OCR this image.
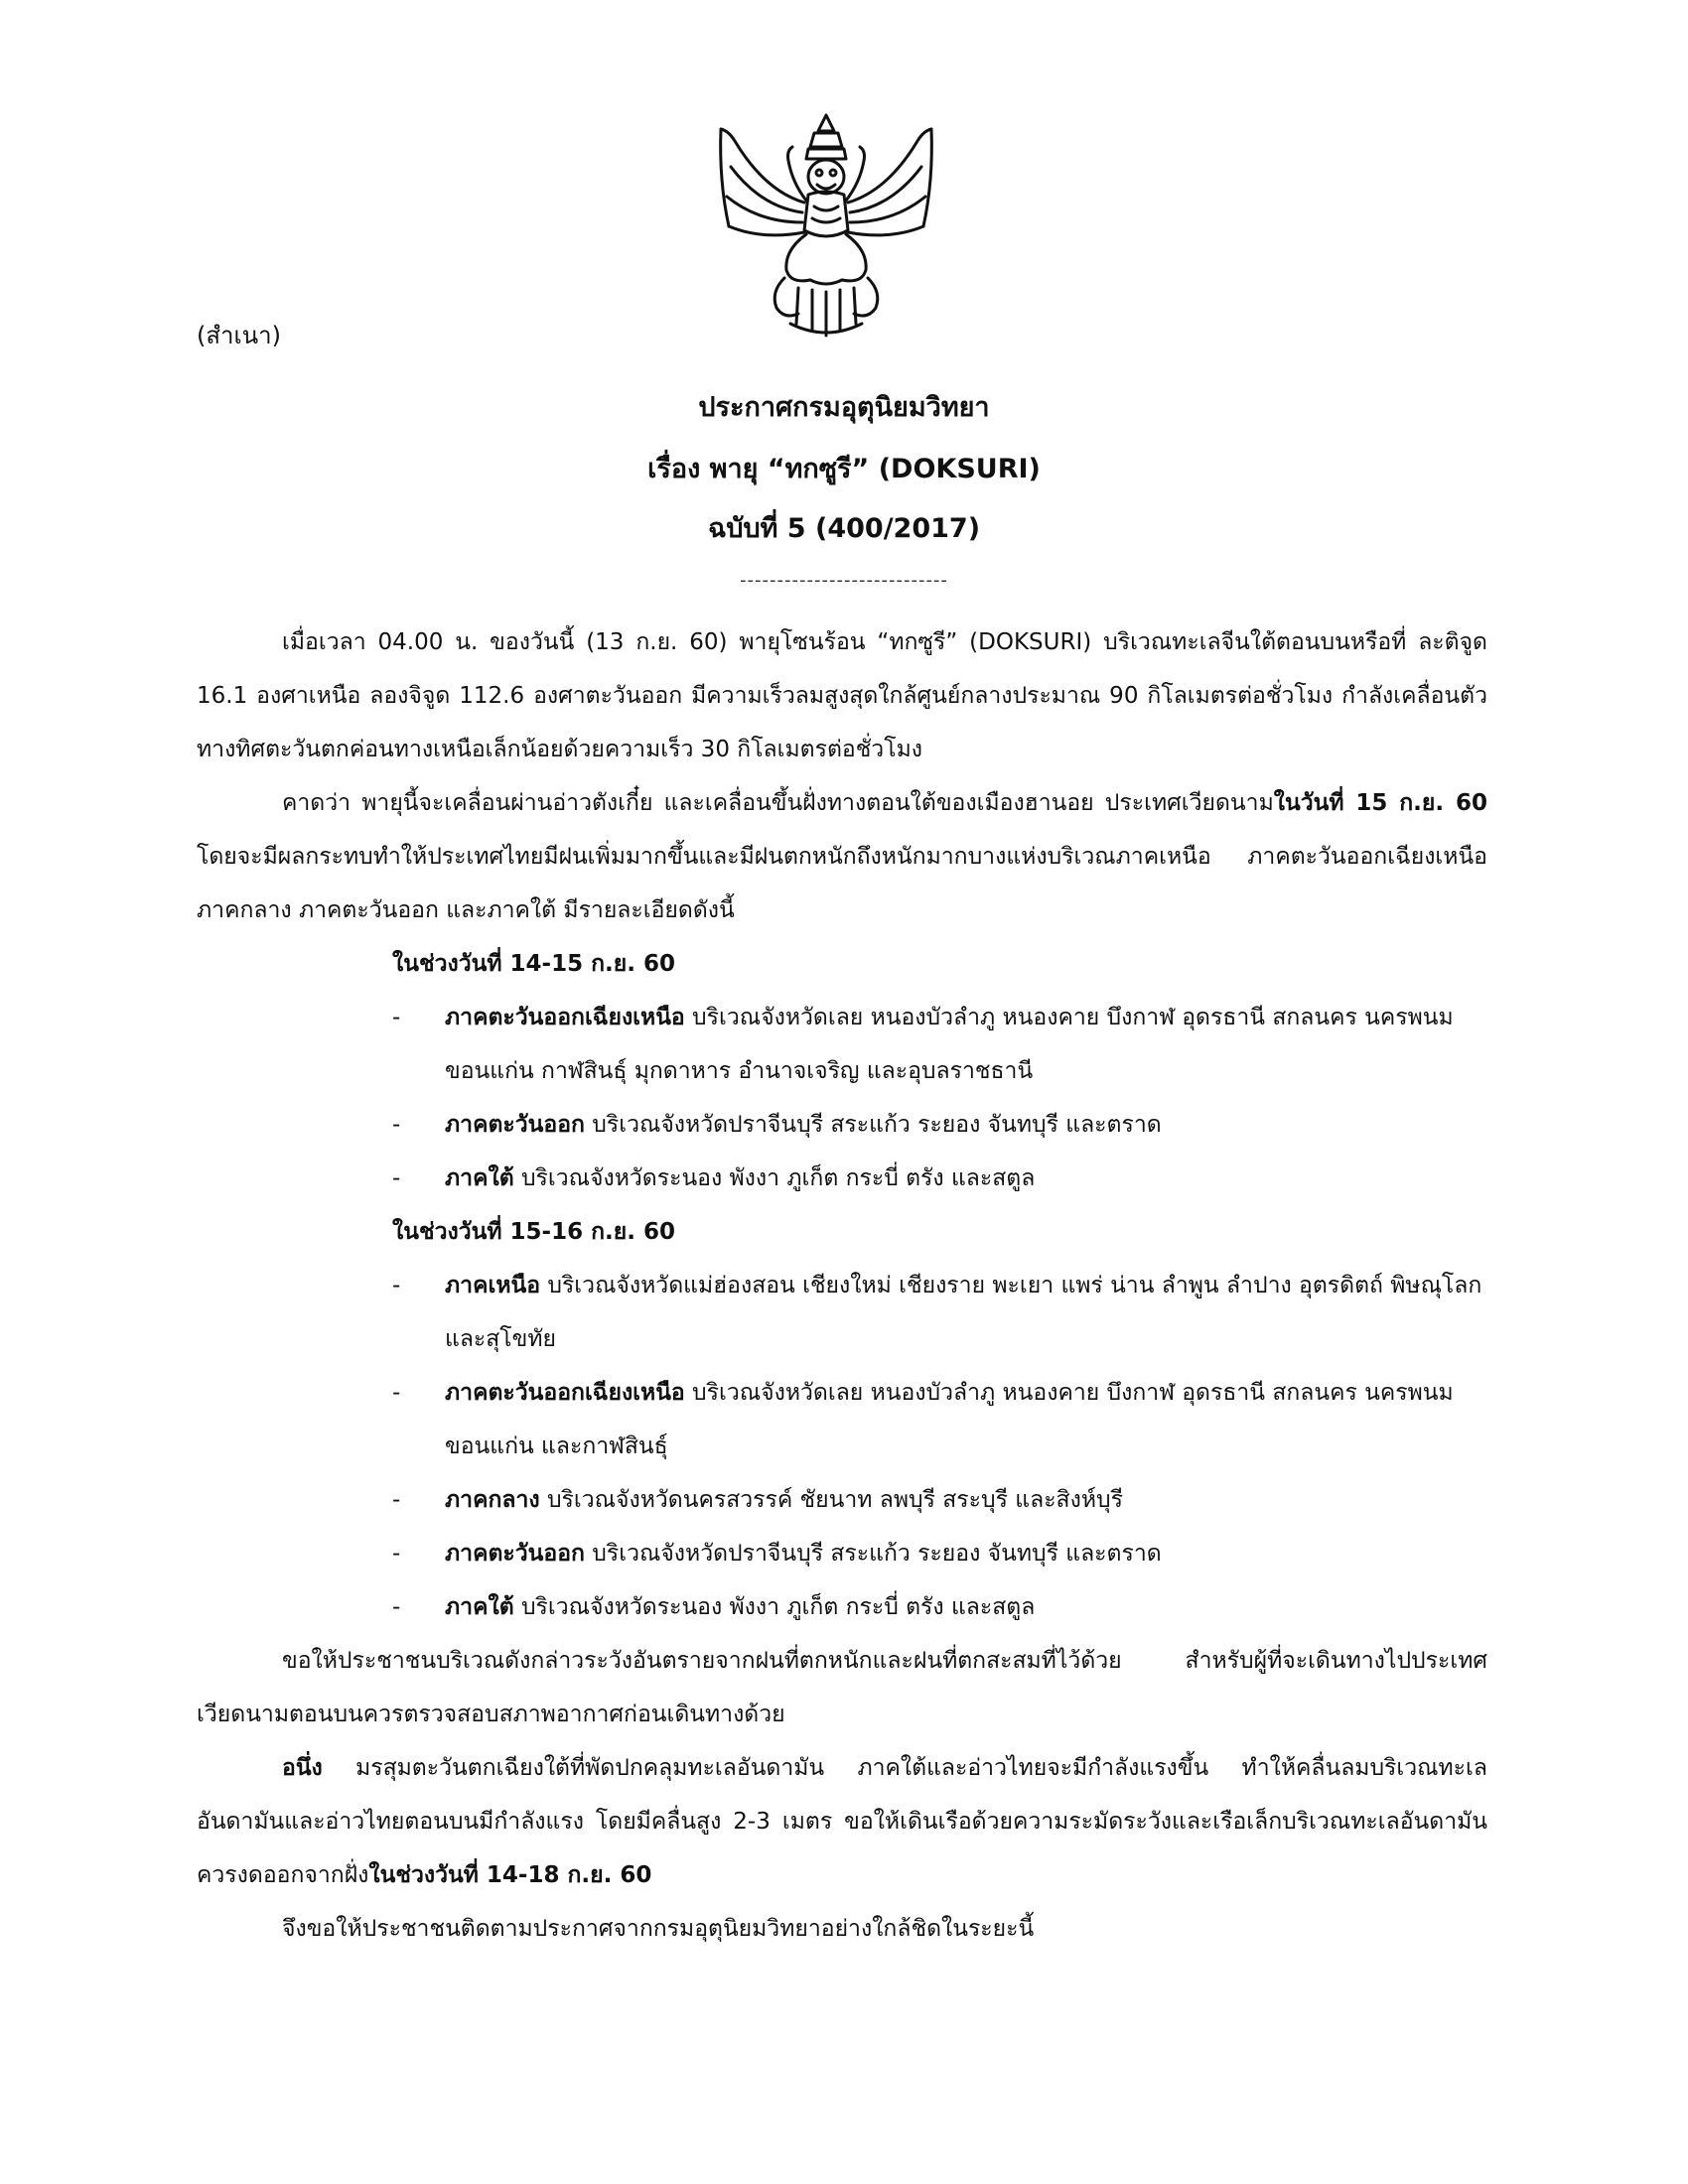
(สำเนา)
ประกาศกรมอุตุนิยมวิทยา
เรื่อง พายุ “ทกซูรี” (DOKSURI)
ฉบับที่ 5 (400/2017)
----------------------------

เมื่อเวลา 04.00 น. ของวันนี้ (13 ก.ย. 60) พายุโซนร้อน “ทกซูรี” (DOKSURI) บริเวณทะเลจีนใต้ตอนบนหรือที่ ละติจูด 16.1 องศาเหนือ ลองจิจูด 112.6 องศาตะวันออก มีความเร็วลมสูงสุดใกล้ศูนย์กลางประมาณ 90 กิโลเมตรต่อชั่วโมง กำลังเคลื่อนตัวทางทิศตะวันตกค่อนทางเหนือเล็กน้อยด้วยความเร็ว 30 กิโลเมตรต่อชั่วโมง

คาดว่า พายุนี้จะเคลื่อนผ่านอ่าวตังเกี๋ย และเคลื่อนขึ้นฝั่งทางตอนใต้ของเมืองฮานอย ประเทศเวียดนามในวันที่ 15 ก.ย. 60 โดยจะมีผลกระทบทำให้ประเทศไทยมีฝนเพิ่มมากขึ้นและมีฝนตกหนักถึงหนักมากบางแห่งบริเวณภาคเหนือ ภาคตะวันออกเฉียงเหนือ ภาคกลาง ภาคตะวันออก และภาคใต้ มีรายละเอียดดังนี้

ในช่วงวันที่ 14-15 ก.ย. 60

- ภาคตะวันออกเฉียงเหนือ บริเวณจังหวัดเลย หนองบัวลำภู หนองคาย บึงกาฬ อุดรธานี สกลนคร นครพนม ขอนแก่น กาฬสินธุ์ มุกดาหาร อำนาจเจริญ และอุบลราชธานี

- ภาคตะวันออก บริเวณจังหวัดปราจีนบุรี สระแก้ว ระยอง จันทบุรี และตราด

- ภาคใต้ บริเวณจังหวัดระนอง พังงา ภูเก็ต กระบี่ ตรัง และสตูล

ในช่วงวันที่ 15-16 ก.ย. 60

- ภาคเหนือ บริเวณจังหวัดแม่ฮ่องสอน เชียงใหม่ เชียงราย พะเยา แพร่ น่าน ลำพูน ลำปาง อุตรดิตถ์ พิษณุโลก และสุโขทัย

- ภาคตะวันออกเฉียงเหนือ บริเวณจังหวัดเลย หนองบัวลำภู หนองคาย บึงกาฬ อุดรธานี สกลนคร นครพนม ขอนแก่น และกาฬสินธุ์

- ภาคกลาง บริเวณจังหวัดนครสวรรค์ ชัยนาท ลพบุรี สระบุรี และสิงห์บุรี

- ภาคตะวันออก บริเวณจังหวัดปราจีนบุรี สระแก้ว ระยอง จันทบุรี และตราด

- ภาคใต้ บริเวณจังหวัดระนอง พังงา ภูเก็ต กระบี่ ตรัง และสตูล

ขอให้ประชาชนบริเวณดังกล่าวระวังอันตรายจากฝนที่ตกหนักและฝนที่ตกสะสมที่ไว้ด้วย สำหรับผู้ที่จะเดินทางไปประเทศเวียดนามตอนบนควรตรวจสอบสภาพอากาศก่อนเดินทางด้วย

อนึ่ง มรสุมตะวันตกเฉียงใต้ที่พัดปกคลุมทะเลอันดามัน ภาคใต้และอ่าวไทยจะมีกำลังแรงขึ้น ทำให้คลื่นลมบริเวณทะเลอันดามันและอ่าวไทยตอนบนมีกำลังแรง โดยมีคลื่นสูง 2-3 เมตร ขอให้เดินเรือด้วยความระมัดระวังและเรือเล็กบริเวณทะเลอันดามันควรงดออกจากฝั่งในช่วงวันที่ 14-18 ก.ย. 60

จึงขอให้ประชาชนติดตามประกาศจากกรมอุตุนิยมวิทยาอย่างใกล้ชิดในระยะนี้
